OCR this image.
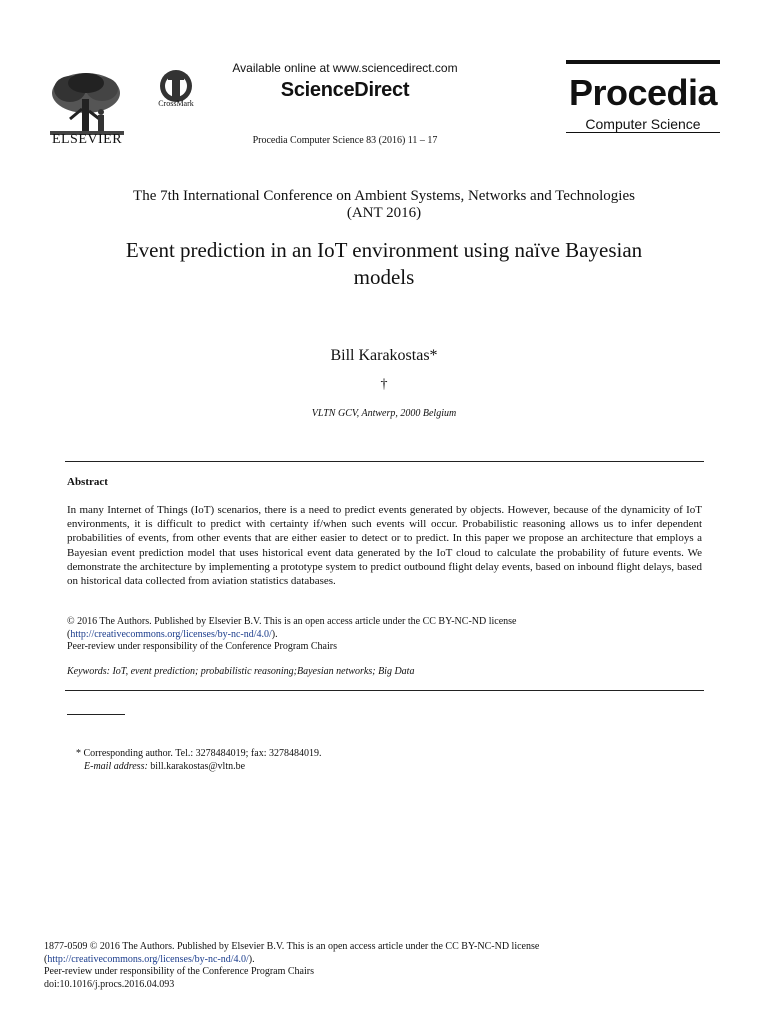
ELSEVIER
CrossMark
Available online at www.sciencedirect.com
ScienceDirect
Procedia Computer Science 83 (2016) 11 – 17
Procedia
Computer Science
The 7th International Conference on Ambient Systems, Networks and Technologies
(ANT 2016)
Event prediction in an IoT environment using naïve Bayesian
models
Bill Karakostas*
†
VLTN GCV, Antwerp, 2000 Belgium
Abstract
In many Internet of Things (IoT) scenarios, there is a need to predict events generated by objects. However, because of the dynamicity of IoT environments, it is difficult to predict with certainty if/when such events will occur. Probabilistic reasoning allows us to infer dependent probabilities of events, from other events that are either easier to detect or to predict. In this paper we propose an architecture that employs a Bayesian event prediction model that uses historical event data generated by the IoT cloud to calculate the probability of future events. We demonstrate the architecture by implementing a prototype system to predict outbound flight delay events, based on inbound flight delays, based on historical data collected from aviation statistics databases.
© 2016 The Authors. Published by Elsevier B.V. This is an open access article under the CC BY-NC-ND license
(http://creativecommons.org/licenses/by-nc-nd/4.0/).
Peer-review under responsibility of the Conference Program Chairs
Keywords: IoT, event prediction; probabilistic reasoning;Bayesian networks; Big Data
* Corresponding author. Tel.: 3278484019; fax: 3278484019.
E-mail address: bill.karakostas@vltn.be
1877-0509 © 2016 The Authors. Published by Elsevier B.V. This is an open access article under the CC BY-NC-ND license
(http://creativecommons.org/licenses/by-nc-nd/4.0/).
Peer-review under responsibility of the Conference Program Chairs
doi:10.1016/j.procs.2016.04.093
